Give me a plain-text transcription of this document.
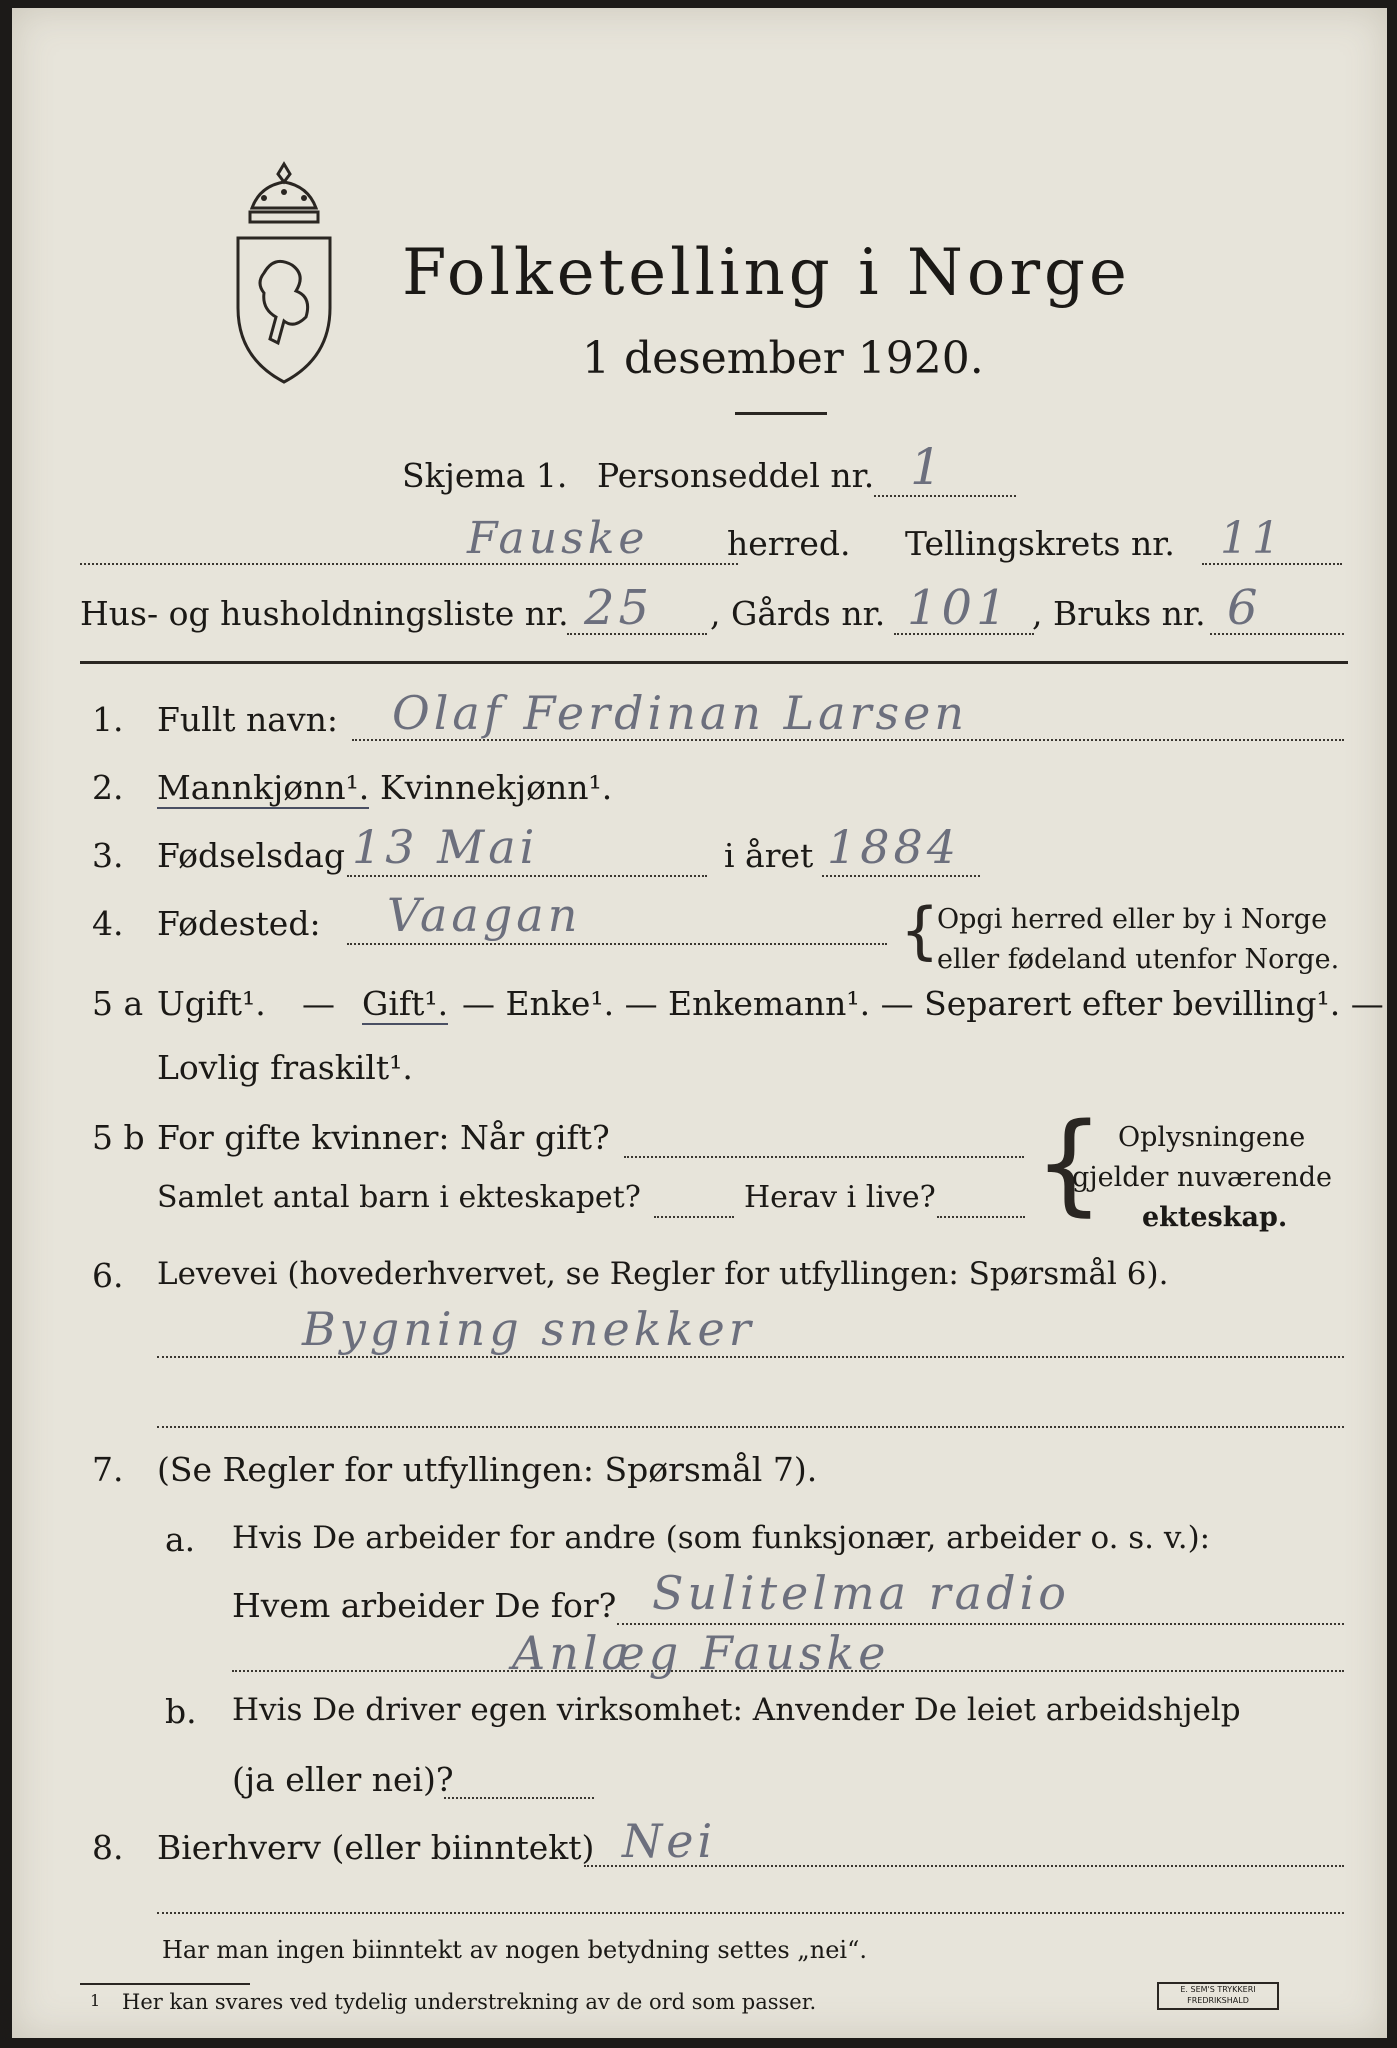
Folketelling i Norge
1 desember 1920.
Skjema 1. Personseddel nr. 1
Fauske herred. Tellingskrets nr. 11
Hus- og husholdningsliste nr. 25 , Gårds nr. 101 , Bruks nr. 6
1. Fullt navn: Olaf Ferdinan Larsen
2. Mannkjønn¹. Kvinnekjønn¹.
3. Fødselsdag 13 Mai	i året 1884
4. Fødested: Vaagan	{
Opgi herred eller by i Norge
eller fødeland utenfor Norge.
5 a Ugift¹. — Gift¹. — Enke¹. — Enkemann¹. — Separert efter bevilling¹. —
Lovlig fraskilt¹.
5 b For gifte kvinner: Når gift?
Samlet antal barn i ekteskapet?	Herav i live? { Oplysningene
gjelder nuværende
ekteskap.
6. Levevei (hovederhvervet, se Regler for utfyllingen: Spørsmål 6).
Bygning snekker
7. (Se Regler for utfyllingen: Spørsmål 7).
a. Hvis De arbeider for andre (som funksjonær, arbeider o. s. v.):
Hvem arbeider De for? Sulitelma radio
Anlæg Fauske
b. Hvis De driver egen virksomhet: Anvender De leiet arbeidshjelp
(ja eller nei)?
8. Bierhverv (eller biinntekt) Nei
Har man ingen biinntekt av nogen betydning settes „nei“.
1 Her kan svares ved tydelig understrekning av de ord som passer.
E. SEM'S TRYKKERI
FREDRIKSHALD
